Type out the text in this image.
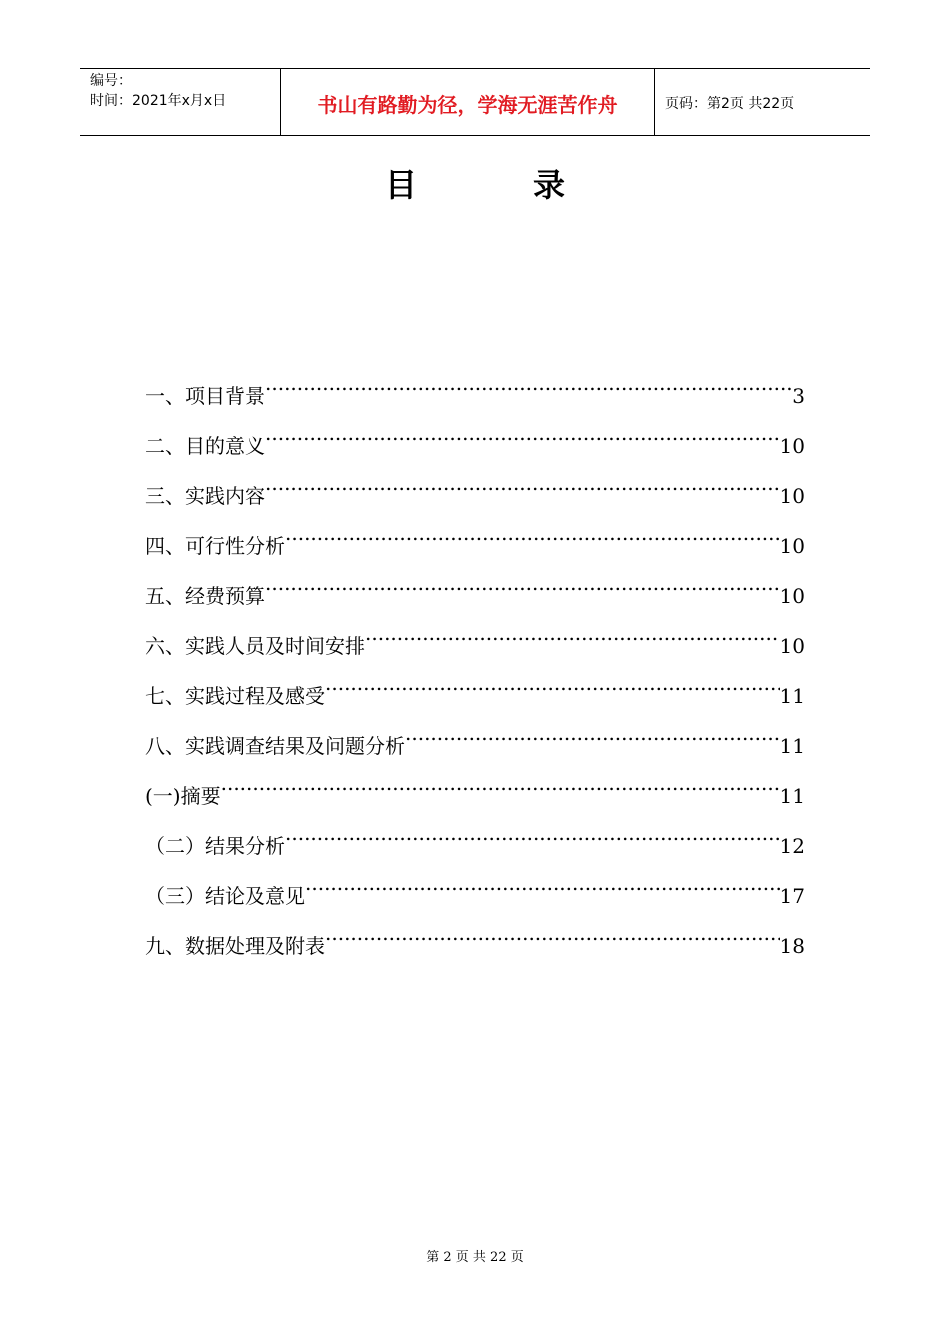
编号：
时间：2021年x月x日	书山有路勤为径，学海无涯苦作舟	页码：第2页 共22页
目	录
一、项目背景 .....	3
二、目的意义 .....	10
三、实践内容 .....	10
四、可行性分析 .....	10
五、经费预算 .....	10
六、实践人员及时间安排 .....	10
七、实践过程及感受 .....	11
八、实践调查结果及问题分析 .....	11
(一)摘要 .....	11
（二）结果分析 .....	12
（三）结论及意见 .....	17
九、数据处理及附表 .....	18
第 2 页 共 22 页
